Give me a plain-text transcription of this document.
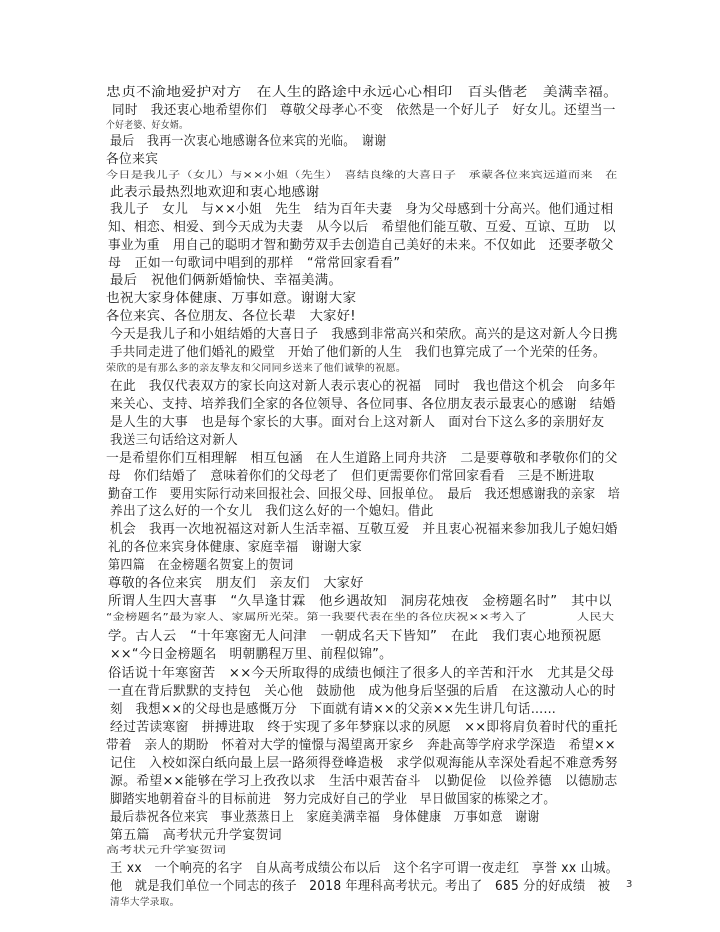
忠贞不渝地爱护对方　在人生的路途中永远心心相印　百头偕老　美满幸福。
同时　我还衷心地希望你们　尊敬父母孝心不变　依然是一个好儿子　好女儿。还望当一
个好老婆、好女婿。
最后　我再一次衷心地感谢各位来宾的光临。　谢谢
各位来宾
今日是我儿子（女儿）与××小姐（先生）　喜结良缘的大喜日子　承蒙各位来宾远道而来　在
此表示最热烈地欢迎和衷心地感谢
我儿子　女儿　与××小姐　先生　结为百年夫妻　身为父母感到十分高兴。他们通过相
知、相恋、相爱、到今天成为夫妻　从今以后　希望他们能互敬、互爱、互谅、互助　以
事业为重　用自己的聪明才智和勤劳双手去创造自己美好的未来。不仅如此　还要孝敬父
母　正如一句歌词中唱到的那样　“常常回家看看”
最后　祝他们俩新婚愉快、幸福美满。
也祝大家身体健康、万事如意。谢谢大家
各位来宾、各位朋友、各位长辈　大家好!
今天是我儿子和小姐结婚的大喜日子　我感到非常高兴和荣欣。高兴的是这对新人今日携
手共同走进了他们婚礼的殿堂　开始了他们新的人生　我们也算完成了一个光荣的任务。
荣欣的是有那么多的亲友挚友和父同同乡送来了他们诚挚的祝愿。
在此　我仅代表双方的家长向这对新人表示衷心的祝福　同时　我也借这个机会　向多年
来关心、支持、培养我们全家的各位领导、各位同事、各位朋友表示最衷心的感谢　结婚
是人生的大事　也是每个家长的大事。面对台上这对新人　面对台下这么多的亲朋好友
我送三句话给这对新人
一是希望你们互相理解　相互包涵　在人生道路上同舟共济　二是要尊敬和孝敬你们的父
母　你们结婚了　意味着你们的父母老了　但们更需要你们常回家看看　三是不断进取
勤奋工作　要用实际行动来回报社会、回报父母、回报单位。　最后　我还想感谢我的亲家　培
养出了这么好的一个女儿　我们这么好的一个媳妇。借此
机会　我再一次地祝福这对新人生活幸福、互敬互爱　并且衷心祝福来参加我儿子媳妇婚
礼的各位来宾身体健康、家庭幸福　谢谢大家
第四篇　在金榜题名贺宴上的贺词
尊敬的各位来宾　朋友们　亲友们　大家好
所谓人生四大喜事　“久旱逢甘霖　他乡遇故知　洞房花烛夜　金榜题名时”　其中以
“金榜题名”最为家人、家属所光荣。第一我要代表在坐的各位庆祝××考入了　　　　人民大
学。古人云　“十年寒窗无人问津　一朝成名天下皆知”　在此　我们衷心地预祝愿
××“今日金榜题名　明朝鹏程万里、前程似锦”。
俗话说十年寒窗苦　××今天所取得的成绩也倾注了很多人的辛苦和汗水　尤其是父母
一直在背后默默的支持包　关心他　鼓励他　成为他身后坚强的后盾　在这激动人心的时
刻　我想××的父母也是感慨万分　下面就有请××的父亲××先生讲几句话……
经过苦读寒窗　拼搏进取　终于实现了多年梦寐以求的夙愿　××即将肩负着时代的重托
带着　亲人的期盼　怀着对大学的憧憬与渴望离开家乡　奔赴高等学府求学深造　希望××
记住　入校如深白纸向最上层一路须得登峰造极　求学似观海能从幸深处看起不难意秀努
源。希望××能够在学习上孜孜以求　生活中艰苦奋斗　以勤促俭　以俭养德　以德励志
脚踏实地朝着奋斗的目标前进　努力完成好自己的学业　早日做国家的栋梁之才。
最后恭祝各位来宾　事业蒸蒸日上　家庭美满幸福　身体健康　万事如意　谢谢
第五篇　高考状元升学宴贺词
高考状元升学宴贺词
王 xx　一个响亮的名字　自从高考成绩公布以后　这个名字可谓一夜走红　享誉 xx 山城。
他　就是我们单位一个同志的孩子　2018 年理科高考状元。考出了　685 分的好成绩　被
清华大学录取。
3
